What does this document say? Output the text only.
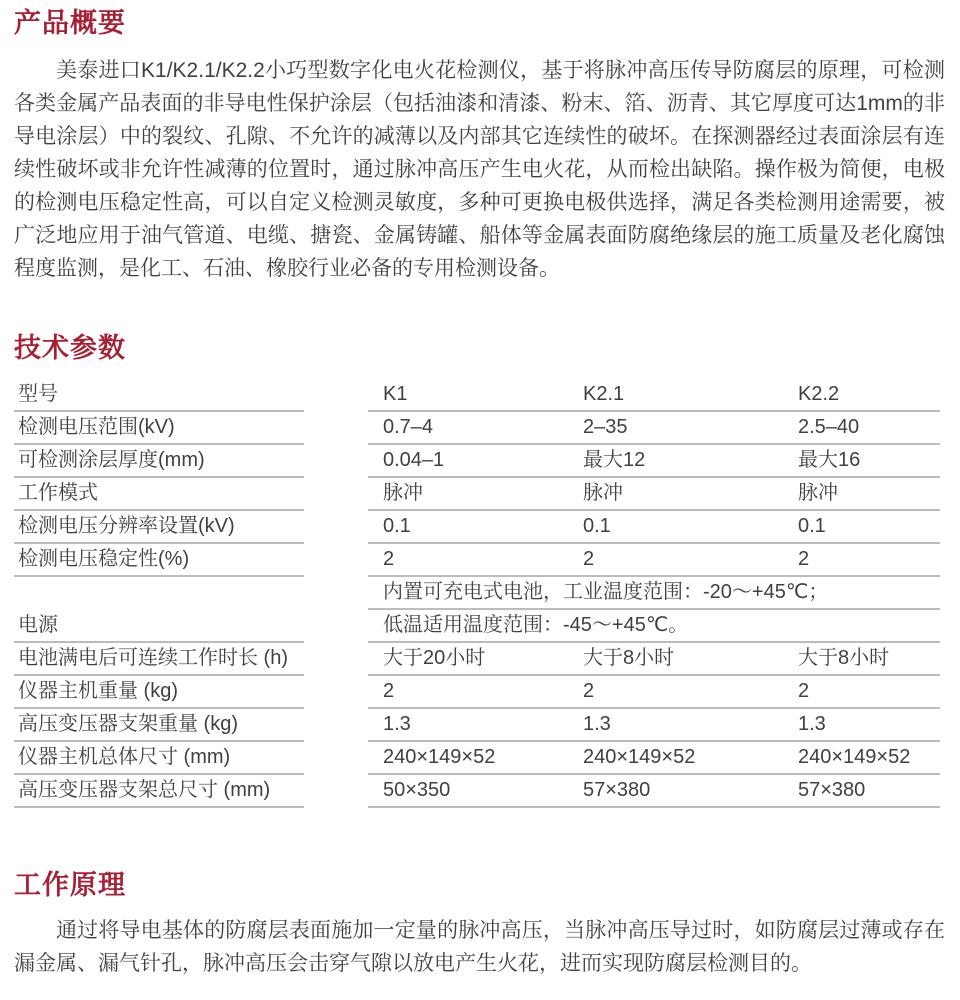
产品概要

美泰进口K1/K2.1/K2.2小巧型数字化电火花检测仪，基于将脉冲高压传导防腐层的原理，可检测各类金属产品表面的非导电性保护涂层（包括油漆和清漆、粉末、箔、沥青、其它厚度可达1mm的非导电涂层）中的裂纹、孔隙、不允许的减薄以及内部其它连续性的破坏。在探测器经过表面涂层有连续性破坏或非允许性减薄的位置时，通过脉冲高压产生电火花，从而检出缺陷。操作极为简便，电极的检测电压稳定性高，可以自定义检测灵敏度，多种可更换电极供选择，满足各类检测用途需要，被广泛地应用于油气管道、电缆、搪瓷、金属铸罐、船体等金属表面防腐绝缘层的施工质量及老化腐蚀程度监测，是化工、石油、橡胶行业必备的专用检测设备。

技术参数
型号	K1	K2.1	K2.2
检测电压范围(kV)	0.7–4	2–35	2.5–40
可检测涂层厚度(mm)	0.04–1	最大12	最大16
工作模式	脉冲	脉冲	脉冲
检测电压分辨率设置(kV)	0.1	0.1	0.1
检测电压稳定性(%)	2	2	2
电源
内置可充电式电池，工业温度范围：-20～+45℃；
低温适用温度范围：-45～+45℃。
电池满电后可连续工作时长 (h)	大于20小时	大于8小时	大于8小时
仪器主机重量 (kg)	2	2	2
高压变压器支架重量 (kg)	1.3	1.3	1.3
仪器主机总体尺寸 (mm)	240×149×52	240×149×52	240×149×52
高压变压器支架总尺寸 (mm)	50×350	57×380	57×380
工作原理

通过将导电基体的防腐层表面施加一定量的脉冲高压，当脉冲高压导过时，如防腐层过薄或存在漏金属、漏气针孔，脉冲高压会击穿气隙以放电产生火花，进而实现防腐层检测目的。
